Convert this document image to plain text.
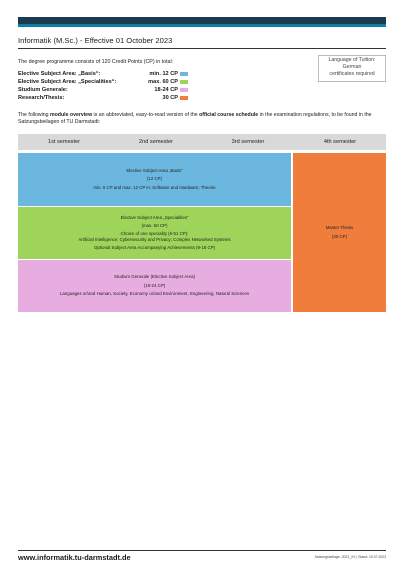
Informatik (M.Sc.) - Effective 01 October 2023
The degree programme consists of 120 Credit Points (CP) in total:
Elective Subject Area: „Basis“:	min. 12 CP
Elective Subject Area: „Specialities“:	max. 60 CP
Studium Generale:	18-24 CP
Research/Thesis:	30 CP
Language of Tuition:
German
certificates required
The following module overview is an abbreviated, easy-to-read version of the official course schedule in the examination regulations, to be found in the Satzungsbeilagen of TU Darmstadt:
1st semester	2nd semester	3rd semester	4th semester
Elective Subject Area „Basis“
(12 CP)
min. 6 CP and max. 12 CP in: Software and Hardware; Theorie
Elective Subject Area „Specialities“
(max. 60 CP)
Choice of one speciality (6-51 CP):
Artificial Intelligence; Cybersecurity and Privacy; Complex Networked Systems
Optional Subject Area Accompanying Achievements (9-18 CP)
Studium Generale (Elective Subject Area)
(18-24 CP)
Languages or/and Human, Society, Economy or/and Environment, Engineering, Natural Sciences
Master Thesis
(30 CP)
www.informatik.tu-darmstadt.de	Satzungsbeilage: 2023_XX | Stand: 10.07.2023
